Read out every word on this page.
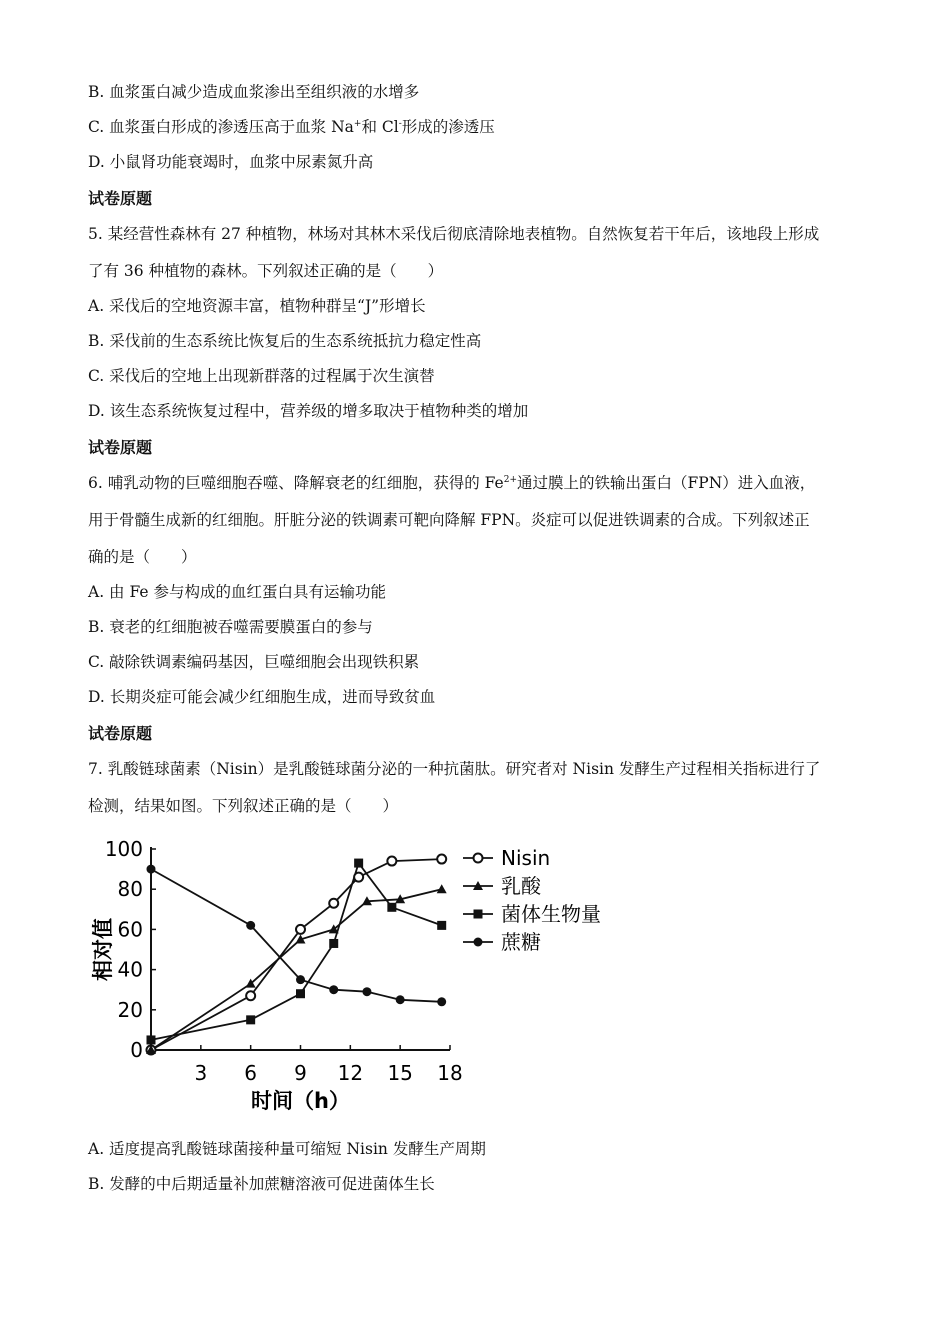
B. 血浆蛋白减少造成血浆渗出至组织液的水增多
C. 血浆蛋白形成的渗透压高于血浆 Na+和 Cl-形成的渗透压
D. 小鼠肾功能衰竭时，血浆中尿素氮升高
试卷原题
5. 某经营性森林有 27 种植物，林场对其林木采伐后彻底清除地表植物。自然恢复若干年后，该地段上形成
了有 36 种植物的森林。下列叙述正确的是（　　）
A. 采伐后的空地资源丰富，植物种群呈“J”形增长
B. 采伐前的生态系统比恢复后的生态系统抵抗力稳定性高
C. 采伐后的空地上出现新群落的过程属于次生演替
D. 该生态系统恢复过程中，营养级的增多取决于植物种类的增加
试卷原题
6. 哺乳动物的巨噬细胞吞噬、降解衰老的红细胞，获得的 $Fe^{2+}$通过膜上的铁输出蛋白（FPN）进入血液，
用于骨髓生成新的红细胞。肝脏分泌的铁调素可靶向降解 FPN。炎症可以促进铁调素的合成。下列叙述正
确的是（　　）
A. 由 Fe 参与构成的血红蛋白具有运输功能
B. 衰老的红细胞被吞噬需要膜蛋白的参与
C. 敲除铁调素编码基因，巨噬细胞会出现铁积累
D. 长期炎症可能会减少红细胞生成，进而导致贫血
试卷原题
7. 乳酸链球菌素（Nisin）是乳酸链球菌分泌的一种抗菌肽。研究者对 Nisin 发酵生产过程相关指标进行了
检测，结果如图。下列叙述正确的是（　　）
0
20
40
60
80
100
3 6 9 12 15 18
时间（h）
相对值
Nisin
乳酸
菌体生物量
蔗糖
A. 适度提高乳酸链球菌接种量可缩短 Nisin 发酵生产周期
B. 发酵的中后期适量补加蔗糖溶液可促进菌体生长
